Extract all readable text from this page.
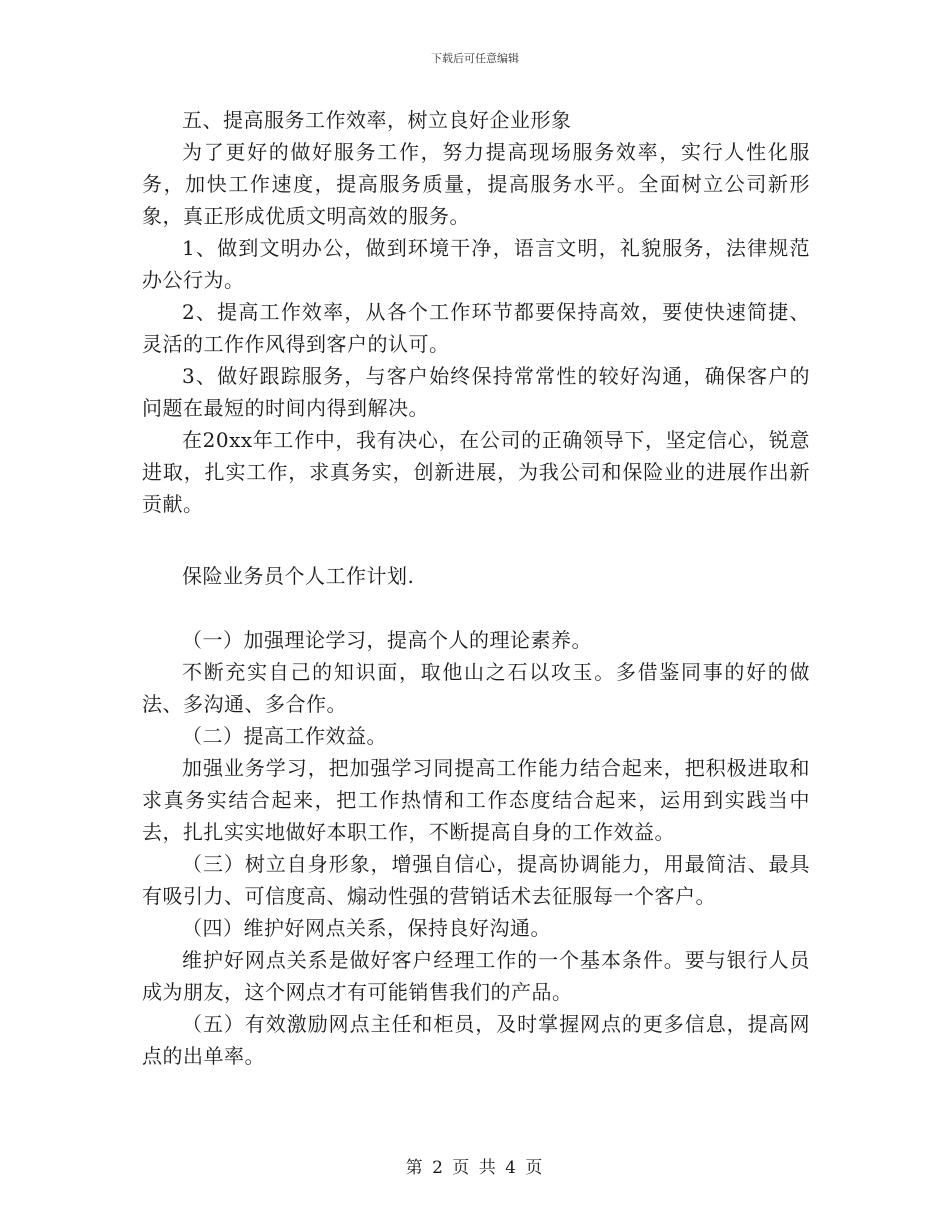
下载后可任意编辑

五、提高服务工作效率，树立良好企业形象

为了更好的做好服务工作，努力提高现场服务效率，实行人性化服务，加快工作速度，提高服务质量，提高服务水平。全面树立公司新形象，真正形成优质文明高效的服务。

1、做到文明办公，做到环境干净，语言文明，礼貌服务，法律规范办公行为。

2、提高工作效率，从各个工作环节都要保持高效，要使快速简捷、灵活的工作作风得到客户的认可。

3、做好跟踪服务，与客户始终保持常常性的较好沟通，确保客户的问题在最短的时间内得到解决。

在20xx年工作中，我有决心，在公司的正确领导下，坚定信心，锐意进取，扎实工作，求真务实，创新进展，为我公司和保险业的进展作出新贡献。

保险业务员个人工作计划.

（一）加强理论学习，提高个人的理论素养。

不断充实自己的知识面，取他山之石以攻玉。多借鉴同事的好的做法、多沟通、多合作。

（二）提高工作效益。

加强业务学习，把加强学习同提高工作能力结合起来，把积极进取和求真务实结合起来，把工作热情和工作态度结合起来，运用到实践当中去，扎扎实实地做好本职工作，不断提高自身的工作效益。

（三）树立自身形象，增强自信心，提高协调能力，用最简洁、最具有吸引力、可信度高、煽动性强的营销话术去征服每一个客户。

（四）维护好网点关系，保持良好沟通。

维护好网点关系是做好客户经理工作的一个基本条件。要与银行人员成为朋友，这个网点才有可能销售我们的产品。

（五）有效激励网点主任和柜员，及时掌握网点的更多信息，提高网点的出单率。

第 2 页 共 4 页
